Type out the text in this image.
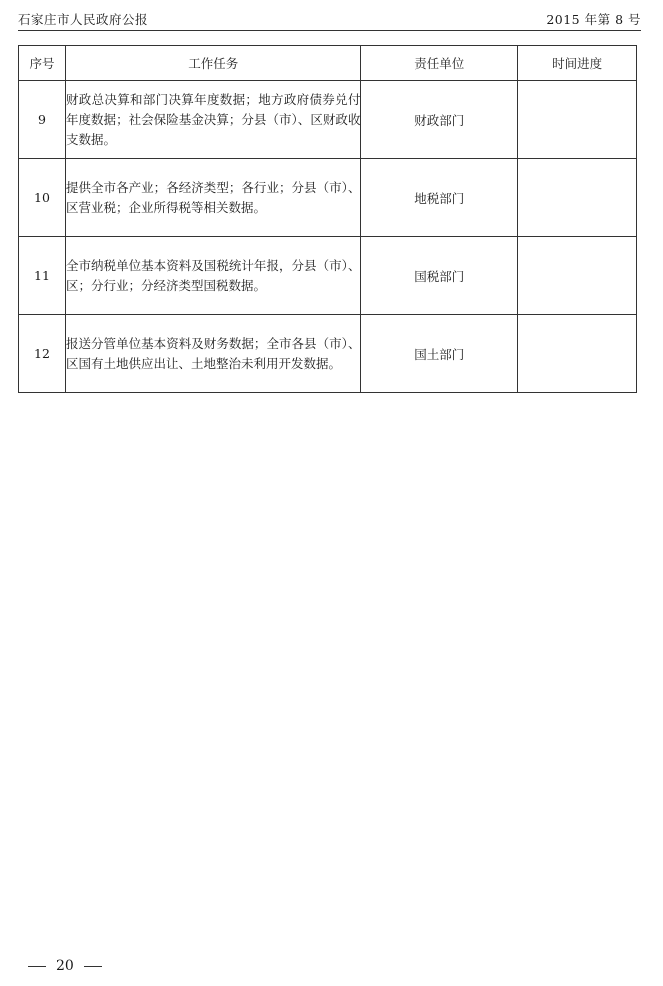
石家庄市人民政府公报	2015 年第 8 号
序号	工作任务	责任单位	时间进度
9	财政总决算和部门决算年度数据；地方政府债券兑付年度数据；社会保险基金决算；分县（市）、区财政收支数据。	财政部门	
10	提供全市各产业；各经济类型；各行业；分县（市）、区营业税；企业所得税等相关数据。	地税部门	
11	全市纳税单位基本资料及国税统计年报，分县（市）、区；分行业；分经济类型国税数据。	国税部门	
12	报送分管单位基本资料及财务数据；全市各县（市）、区国有土地供应出让、土地整治未利用开发数据。	国土部门	
20
